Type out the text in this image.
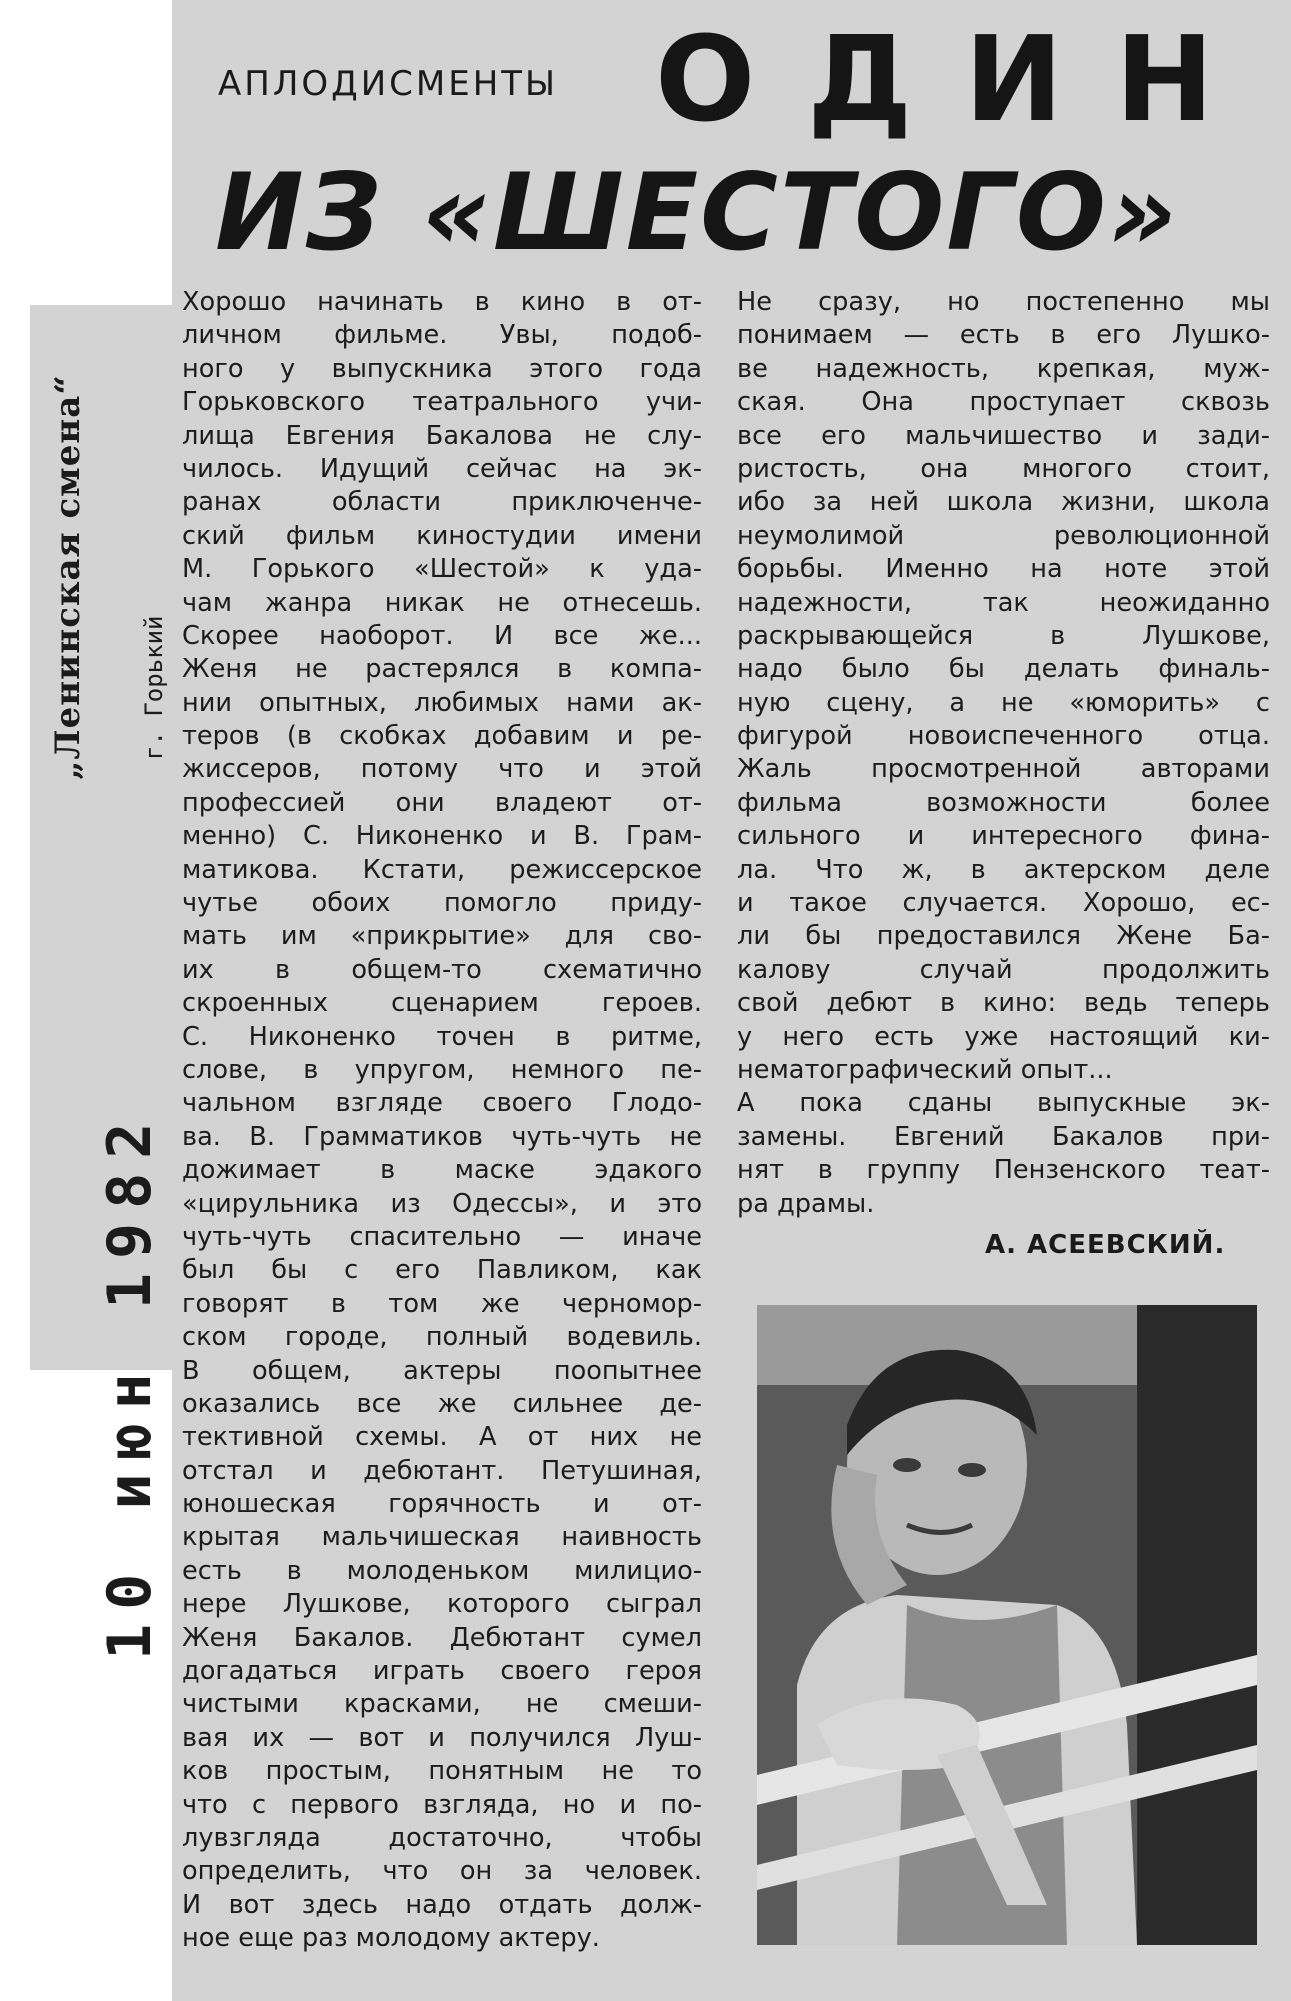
„Ленинская смена“	г. Горький
10 июн 1982
АПЛОДИСМЕНТЫ ОДИН
ИЗ «ШЕСТОГО»
Хорошо начинать в кино в от-
личном фильме. Увы, подоб-
ного у выпускника этого года
Горьковского театрального учи-
лища Евгения Бакалова не слу-
чилось. Идущий сейчас на эк-
ранах области приключенче-
ский фильм киностудии имени
М. Горького «Шестой» к уда-
чам жанра никак не отнесешь.
Скорее наоборот. И все же...
Женя не растерялся в компа-
нии опытных, любимых нами ак-
теров (в скобках добавим и ре-
жиссеров, потому что и этой
профессией они владеют от-
менно) С. Никоненко и В. Грам-
матикова. Кстати, режиссерское
чутье обоих помогло приду-
мать им «прикрытие» для сво-
их в общем-то схематично
скроенных сценарием героев.
С. Никоненко точен в ритме,
слове, в упругом, немного пе-
чальном взгляде своего Глодо-
ва. В. Грамматиков чуть-чуть не
дожимает в маске эдакого
«цирульника из Одессы», и это
чуть-чуть спасительно — иначе
был бы с его Павликом, как
говорят в том же черномор-
ском городе, полный водевиль.
В общем, актеры поопытнее
оказались все же сильнее де-
тективной схемы. А от них не
отстал и дебютант. Петушиная,
юношеская горячность и от-
крытая мальчишеская наивность
есть в молоденьком милицио-
нере Лушкове, которого сыграл
Женя Бакалов. Дебютант сумел
догадаться играть своего героя
чистыми красками, не смеши-
вая их — вот и получился Луш-
ков простым, понятным не то
что с первого взгляда, но и по-
лувзгляда достаточно, чтобы
определить, что он за человек.
И вот здесь надо отдать долж-
ное еще раз молодому актеру.
Не сразу, но постепенно мы
понимаем — есть в его Лушко-
ве надежность, крепкая, муж-
ская. Она проступает сквозь
все его мальчишество и зади-
ристость, она многого стоит,
ибо за ней школа жизни, школа
неумолимой революционной
борьбы. Именно на ноте этой
надежности, так неожиданно
раскрывающейся в Лушкове,
надо было бы делать финаль-
ную сцену, а не «юморить» с
фигурой новоиспеченного отца.
Жаль просмотренной авторами
фильма возможности более
сильного и интересного фина-
ла. Что ж, в актерском деле
и такое случается. Хорошо, ес-
ли бы предоставился Жене Ба-
калову случай продолжить
свой дебют в кино: ведь теперь
у него есть уже настоящий ки-
нематографический опыт...
А пока сданы выпускные эк-
замены. Евгений Бакалов при-
нят в группу Пензенского теат-
ра драмы.
А. АСЕЕВСКИЙ.
